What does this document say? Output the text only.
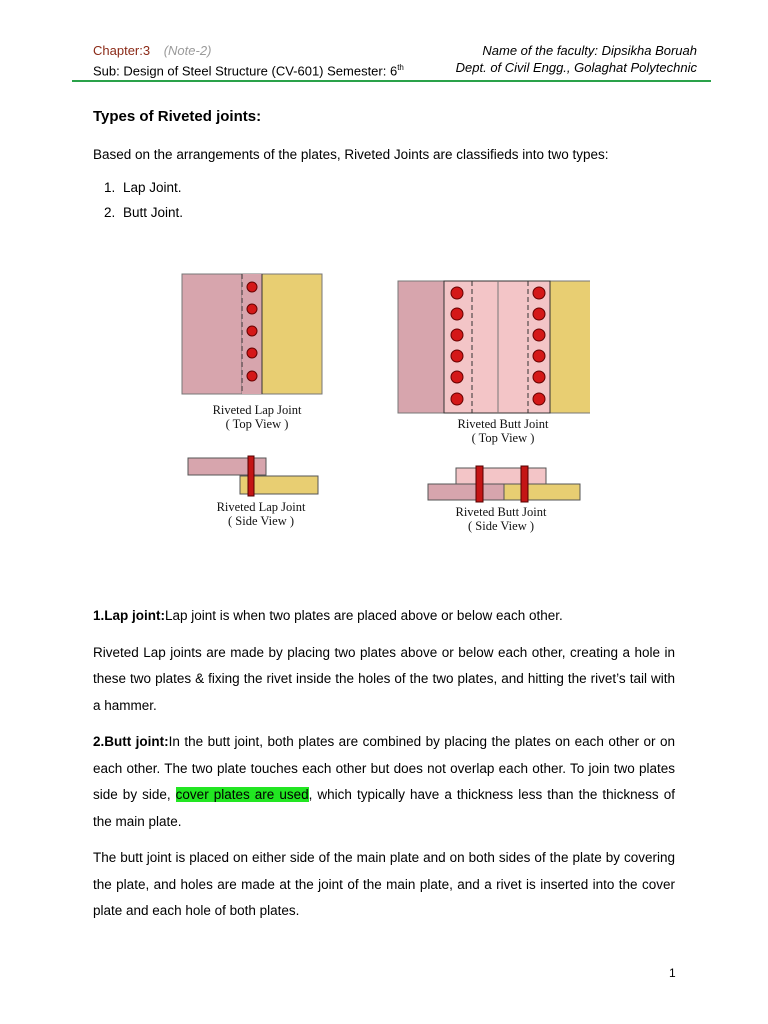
Chapter:3 (Note-2)	Name of the faculty: Dipsikha Boruah
Sub: Design of Steel Structure (CV-601) Semester: 6th	Dept. of Civil Engg., Golaghat Polytechnic
Types of Riveted joints:

Based on the arrangements of the plates, Riveted Joints are classifieds into two types:

1. Lap Joint.
2. Butt Joint.
Riveted Lap Joint
( Top View )	Riveted Butt Joint
( Top View )
Riveted Lap Joint
( Side View )
Riveted Butt Joint
( Side View )

1.Lap joint:Lap joint is when two plates are placed above or below each other.

Riveted Lap joints are made by placing two plates above or below each other, creating a hole in these two plates & fixing the rivet inside the holes of the two plates, and hitting the rivet’s tail with a hammer.

2.Butt joint:In the butt joint, both plates are combined by placing the plates on each other or on each other. The two plate touches each other but does not overlap each other. To join two plates side by side, cover plates are used, which typically have a thickness less than the thickness of the main plate.

The butt joint is placed on either side of the main plate and on both sides of the plate by covering the plate, and holes are made at the joint of the main plate, and a rivet is inserted into the cover plate and each hole of both plates.

1
